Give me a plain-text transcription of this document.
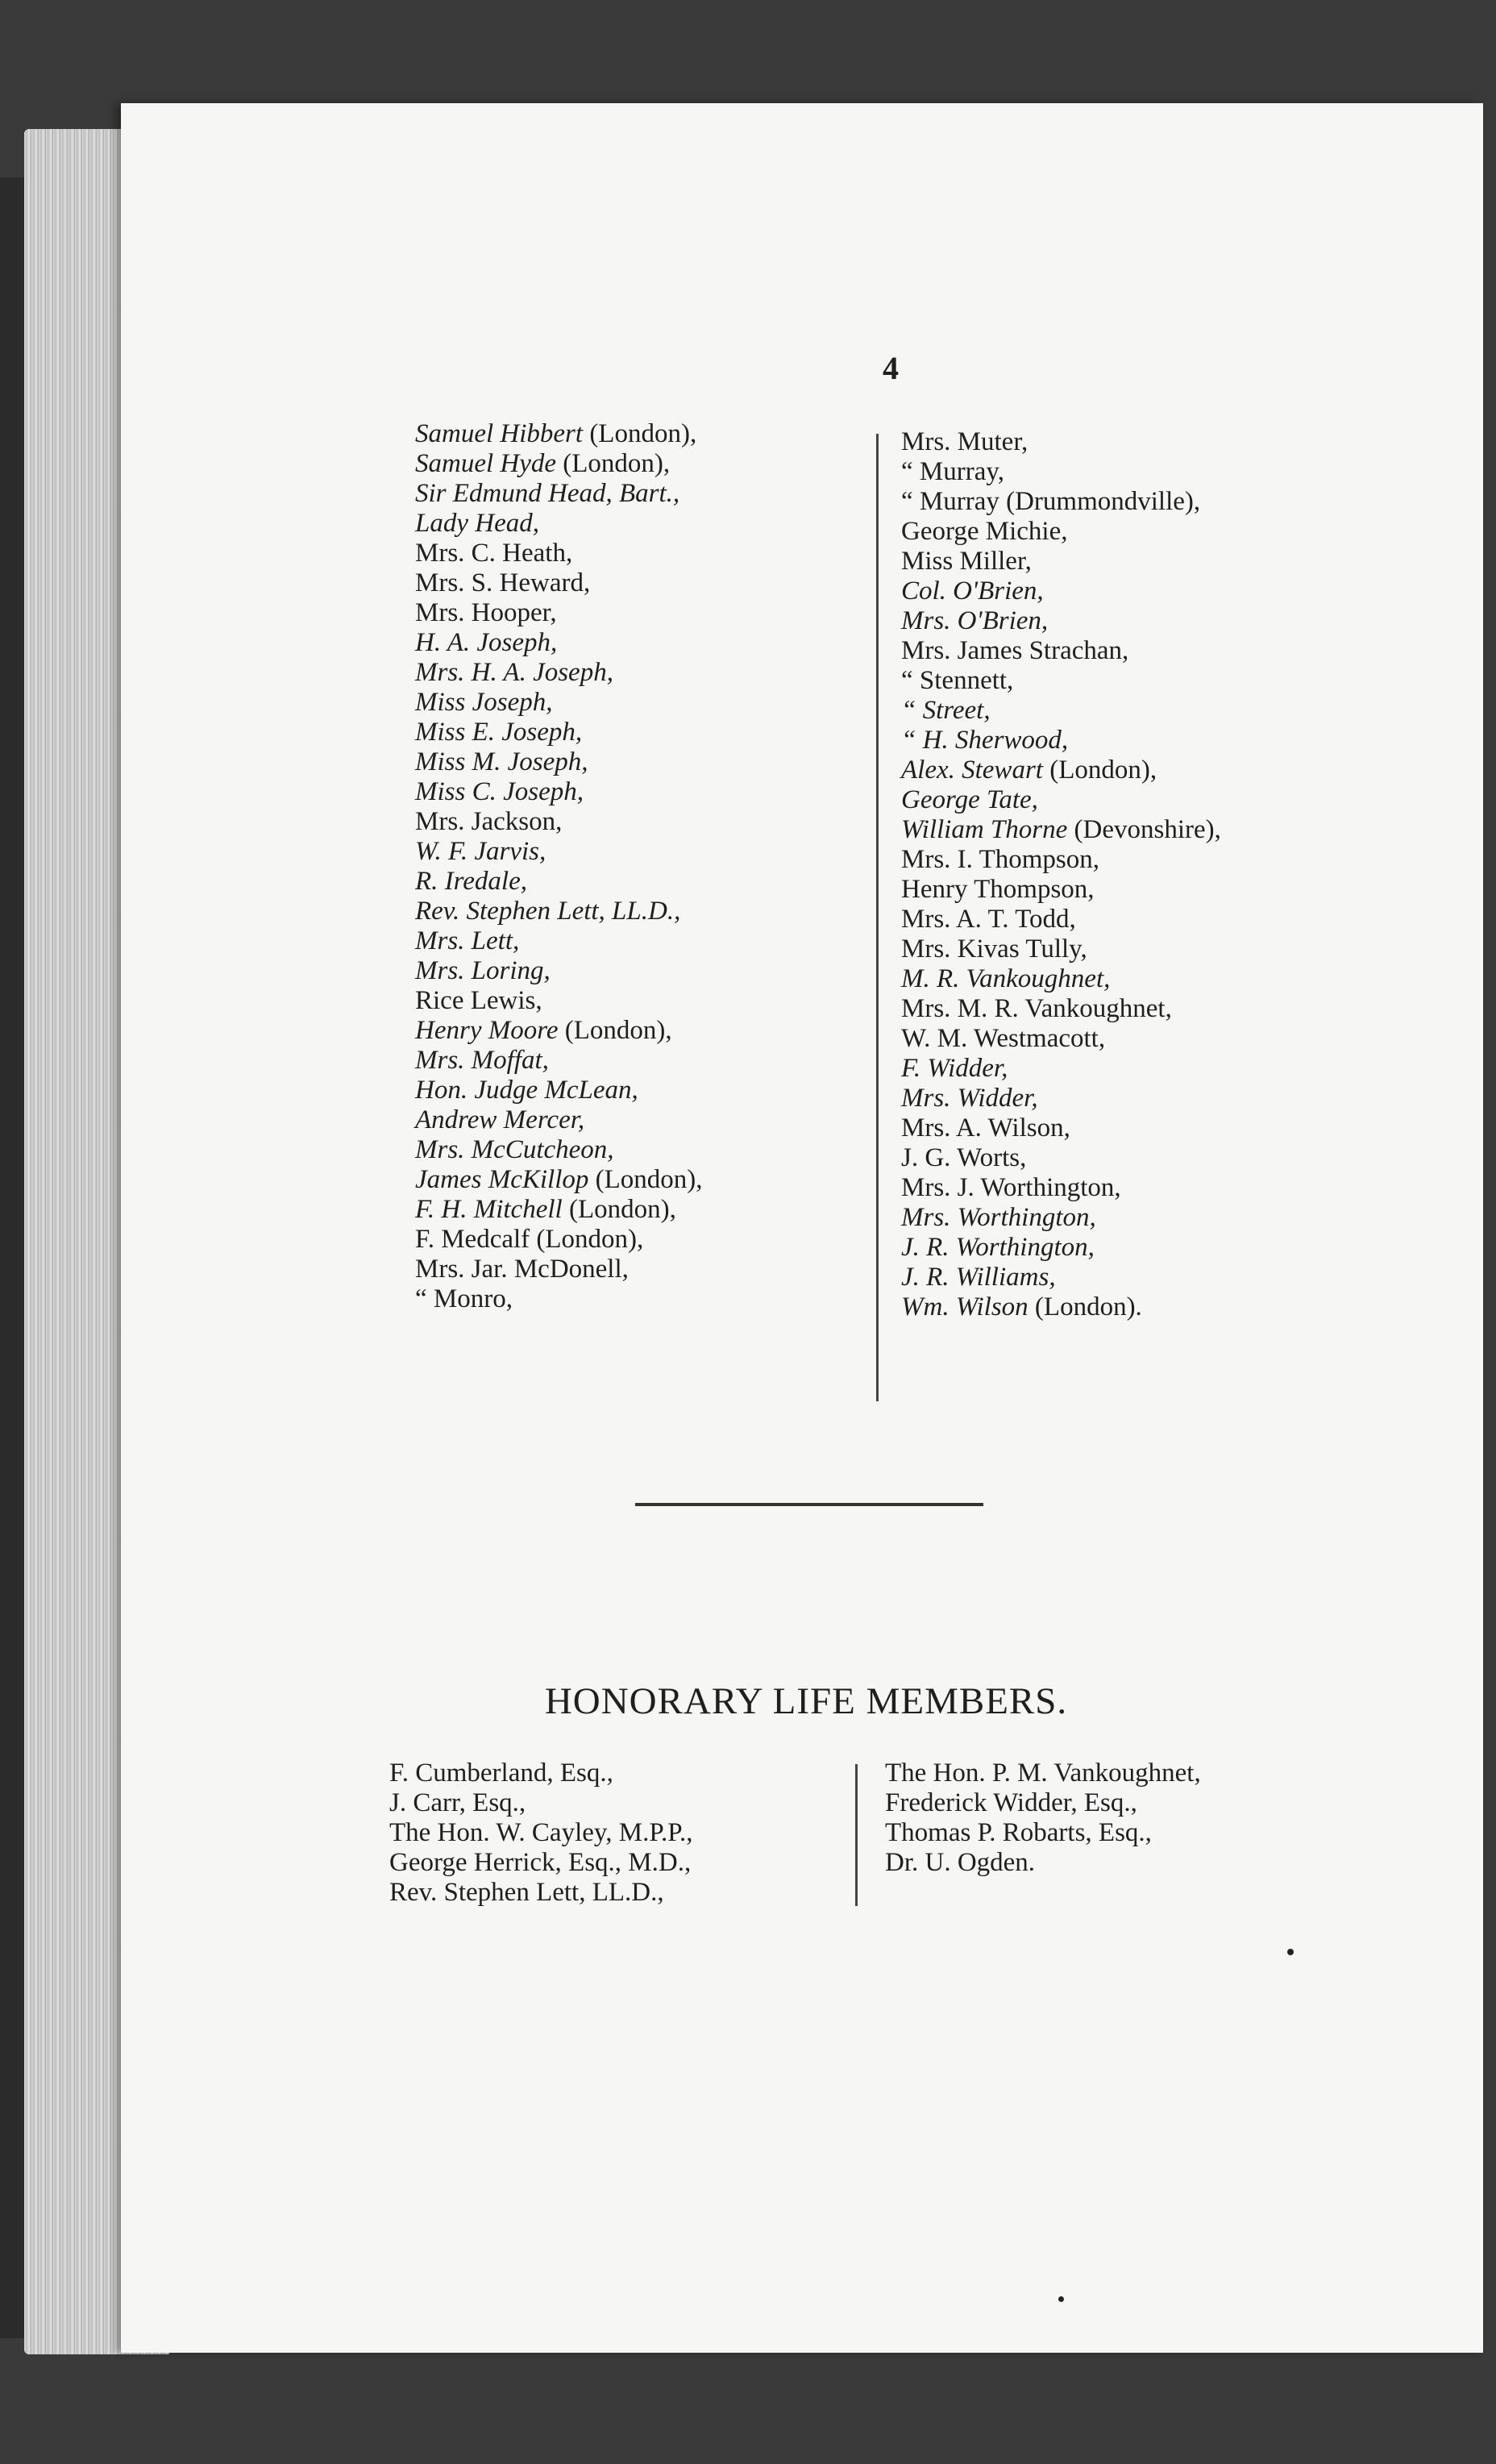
4
Samuel Hibbert (London),
Samuel Hyde (London),
Sir Edmund Head, Bart.,
Lady Head,
Mrs. C. Heath,
Mrs. S. Heward,
Mrs. Hooper,
H. A. Joseph,
Mrs. H. A. Joseph,
Miss Joseph,
Miss E. Joseph,
Miss M. Joseph,
Miss C. Joseph,
Mrs. Jackson,
W. F. Jarvis,
R. Iredale,
Rev. Stephen Lett, LL.D.,
Mrs. Lett,
Mrs. Loring,
Rice Lewis,
Henry Moore (London),
Mrs. Moffat,
Hon. Judge McLean,
Andrew Mercer,
Mrs. McCutcheon,
James McKillop (London),
F. H. Mitchell (London),
F. Medcalf (London),
Mrs. Jar. McDonell,
“ Monro,
Mrs. Muter,
“ Murray,
“ Murray (Drummondville),
George Michie,
Miss Miller,
Col. O'Brien,
Mrs. O'Brien,
Mrs. James Strachan,
“ Stennett,
“ Street,
“ H. Sherwood,
Alex. Stewart (London),
George Tate,
William Thorne (Devonshire),
Mrs. I. Thompson,
Henry Thompson,
Mrs. A. T. Todd,
Mrs. Kivas Tully,
M. R. Vankoughnet,
Mrs. M. R. Vankoughnet,
W. M. Westmacott,
F. Widder,
Mrs. Widder,
Mrs. A. Wilson,
J. G. Worts,
Mrs. J. Worthington,
Mrs. Worthington,
J. R. Worthington,
J. R. Williams,
Wm. Wilson (London).
HONORARY LIFE MEMBERS.
F. Cumberland, Esq.,
J. Carr, Esq.,
The Hon. W. Cayley, M.P.P.,
George Herrick, Esq., M.D.,
Rev. Stephen Lett, LL.D.,
The Hon. P. M. Vankoughnet,
Frederick Widder, Esq.,
Thomas P. Robarts, Esq.,
Dr. U. Ogden.
